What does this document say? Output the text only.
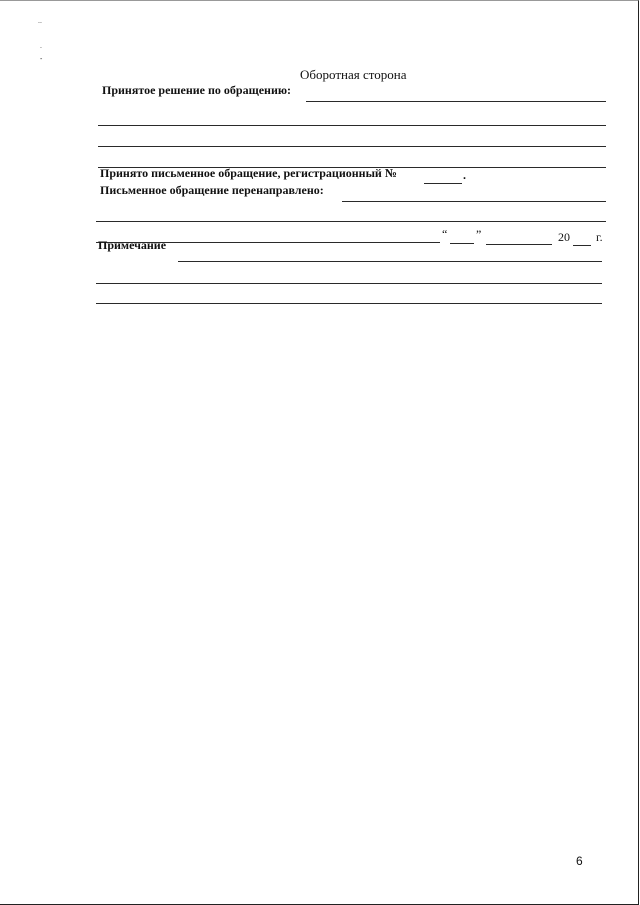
..
.
-
Оборотная сторона
Принятое решение по обращению:
Принято письменное обращение, регистрационный №	.
Письменное обращение перенаправлено:
“ ”	20 г.
Примечание
6
